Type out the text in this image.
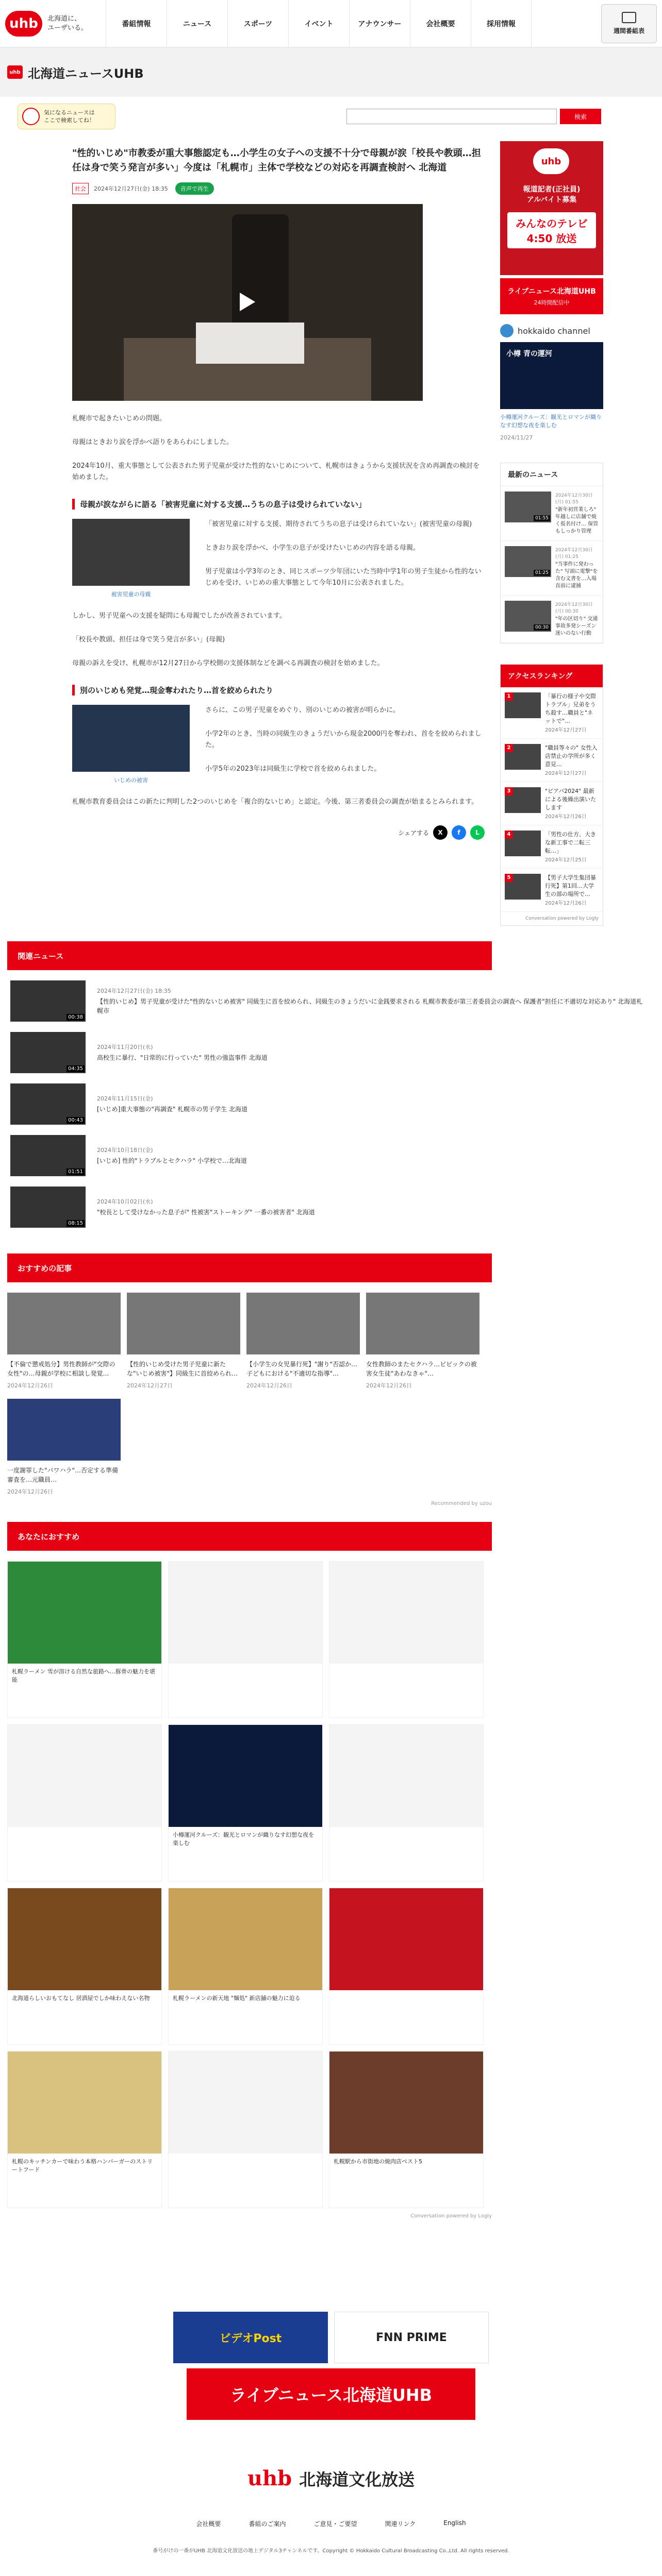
uhb	北海道に、
ユーザいる。	番組情報	ニュース	スポーツ	イベント	アナウンサー	会社概要	採用情報
週間番組表
uhb 北海道ニュースUHB
気になるニュースは
ここで検索してね！	検索
"性的いじめ"市教委が重大事態認定も…小学生の女子への支援不十分で母親が涙「校長や教頭…担任は身で笑う発言が多い」今度は「札幌市」主体で学校などの対応を再調査検討へ 北海道
社会	2024年12月27日(金) 18:35 音声で再生

札幌市で起きたいじめの問題。

母親はときおり涙を浮かべ語りをあらわにしました。

2024年10月、重大事態として公表された男子児童が受けた性的ないじめについて、札幌市はきょうから支援状況を含め再調査の検討を始めました。

母親が涙ながらに語る「被害児童に対する支援…うちの息子は受けられていない」
被害児童の母親

「被害児童に対する支援、期待されてうちの息子は受けられていない」(被害児童の母親)

ときおり涙を浮かべ、小学生の息子が受けたいじめの内容を語る母親。

男子児童は小学3年のとき、同じスポーツ少年団にいた当時中学1年の男子生徒から性的ないじめを受け、いじめの重大事態として今年10月に公表されました。

しかし、男子児童への支援を疑問にも母親でしたが改善されています。

「校長や教頭、担任は身で笑う発言が多い」(母親)

母親の訴えを受け、札幌市が12月27日から学校側の支援体制などを調べる再調査の検討を始めました。

別のいじめも発覚…現金奪われたり…首を絞められたり
いじめの被害

さらに、この男子児童をめぐり、別のいじめの被害が明らかに。

小学2年のとき、当時の同級生のきょうだいから現金2000円を奪われ、首をを絞められました。

小学5年の2023年は同級生に学校で首を絞められました。

札幌市教育委員会はこの新たに判明した2つのいじめを「複合的ないじめ」と認定。今後、第三者委員会の調査が始まるとみられます。

シェアする	X	f	L
uhb
報道記者(正社員)
アルバイト募集
みんなのテレビ 4:50 放送
ライブニュース北海道UHB
24時間配信中
hokkaido channel
小樽 青の運河
小樽運河クルーズ：観光とロマンが織りなす幻想な夜を楽しむ
2024/11/27
最新のニュース
01:55
2024年12月30日(月) 01:55
"新年初営業しろ" 年越しに店舗で焼く仮名付け… 保管もしっかり管理
01:25
2024年12月30日(月) 01:25
"当事件に発わった" 写頭に電撃"を含む文書を…入場直前に逮捕
00:30
2024年12月30日(月) 00:30
"年の区切り" 交通事故多発シーズン 迷いのない行動
アクセスランキング
1	「暴行の様子や交際トラブル」兄弟をうち殺す…職員と"ネットで"…
2024年12月27日
2	"職員等々の" 女性入店禁止の学所が多く意見…
2024年12月27日
3	"ビアパ2024" 最新による後繰出演いたします
2024年12月26日
4	「男性の仕方、大きな新工事で二転三転…」
2024年12月25日
5	【男子大学生集団暴行死】第1回…大学生の部の場所で…
2024年12月26日
Conversation powered by Logly
関連ニュース
00:38
2024年12月27日(金) 18:35
【性的いじめ】男子児童が受けた"性的ないじめ被害" 同級生に首を絞められ、同級生のきょうだいに金銭要求される 札幌市教委が第三者委員会の調査へ 保護者"担任に不適切な対応あり" 北海道札幌市
04:35
2024年11月20日(水)
高校生に暴行、"日常的に行っていた" 男性の強盗事件 北海道
00:43
2024年11月15日(金)
[いじめ]重大事態の"再調査" 札幌市の男子学生 北海道
01:51
2024年10月18日(金)
[いじめ] 性的"トラブルとセクハラ" 小学校で…北海道
08:15
2024年10月02日(水)
"校長として受けなかった息子が" 性被害"ストーキング" 一番の被害者" 北海道
おすすめの記事
【不倫で懲戒処分】男性教師が"交際の女性"の…母親が学校に相談し発覚…
2024年12月26日
【性的いじめ受けた男子児童に新たな"いじめ被害"】同級生に首絞められ…
2024年12月27日
【小学生の女児暴行死】"謝り"否認か…子どもにおける"不適切な指導"…
2024年12月26日
女性教師のまたセクハラ…ピピックの被害女生徒"あわなきゃ"…
2024年12月26日
一度謝罪した"パワハラ"…否定する準備審査を…元職員…
2024年12月26日
Recommended by uzou
あなたにおすすめ
札幌ラーメン 雪が溶ける自然な旅路へ…豚骨の魅力を堪能
小樽運河クルーズ：観光とロマンが織りなす幻想な夜を楽しむ
北海道らしいおもてなし 居酒屋でしか味わえない名物	札幌ラーメンの新天地 "麺処" 新店舗の魅力に迫る
札幌のキッチンカーで味わう本格ハンバーガーのストリートフード
札幌駅から市街地の焼肉店ベスト5
Conversation powered by Logly
ビデオPost	FNN PRIME
ライブニュース北海道UHB
uhb 北海道文化放送
会社概要	番組のご案内	ご意見・ご要望	関連リンク	English
番号がけの一番がUHB 北海道文化放送の地上デジタル3チャンネルです。Copyright © Hokkaido Cultural Broadcasting Co.,Ltd. All rights reserved.
